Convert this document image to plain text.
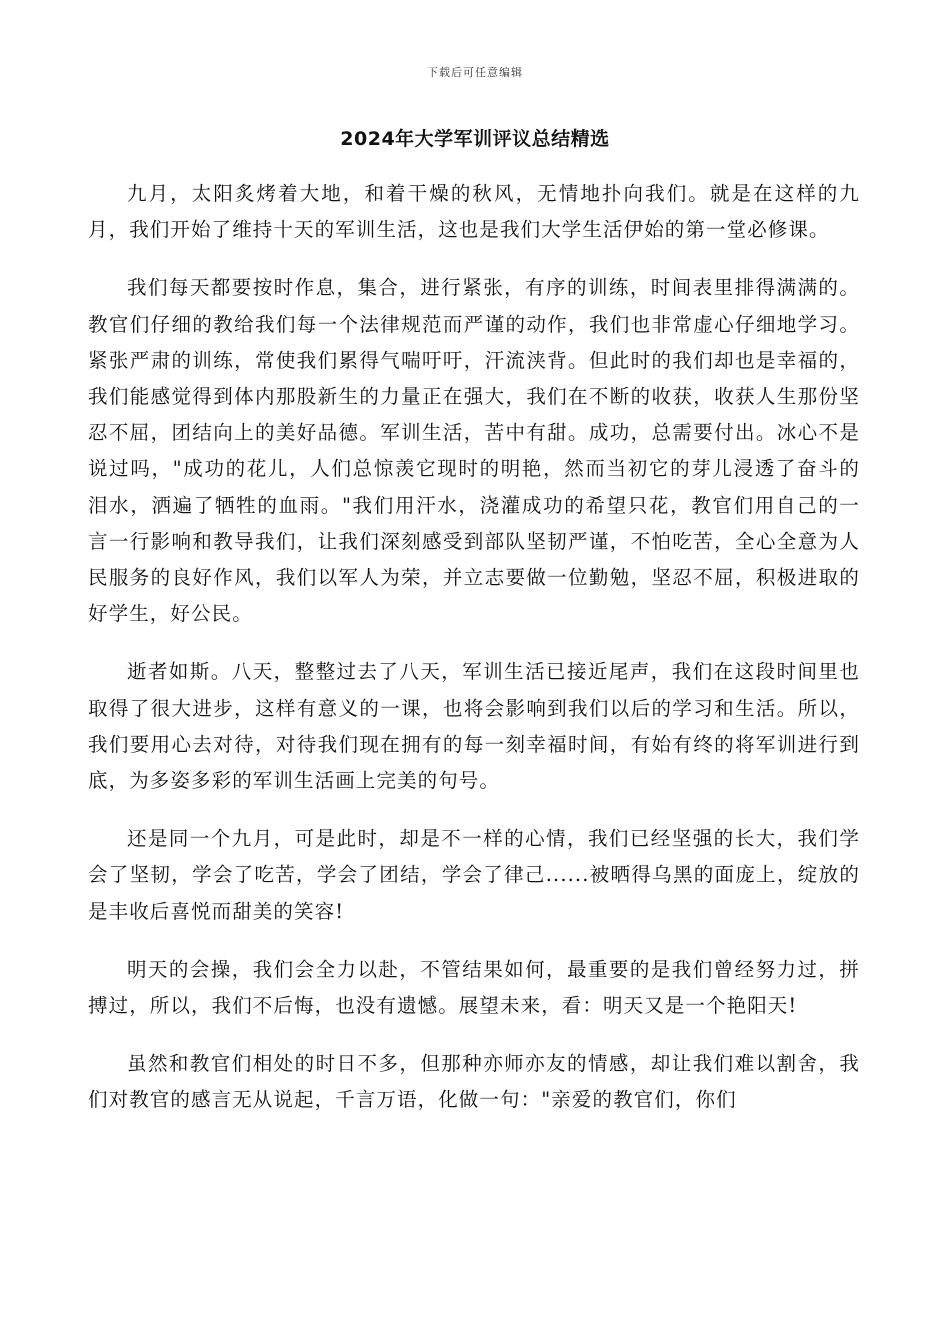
下载后可任意编辑
2024年大学军训评议总结精选

九月，太阳炙烤着大地，和着干燥的秋风，无情地扑向我们。就是在这样的九月，我们开始了维持十天的军训生活，这也是我们大学生活伊始的第一堂必修课。

我们每天都要按时作息，集合，进行紧张，有序的训练，时间表里排得满满的。教官们仔细的教给我们每一个法律规范而严谨的动作，我们也非常虚心仔细地学习。紧张严肃的训练，常使我们累得气喘吁吁，汗流浃背。但此时的我们却也是幸福的，我们能感觉得到体内那股新生的力量正在强大，我们在不断的收获，收获人生那份坚忍不屈，团结向上的美好品德。军训生活，苦中有甜。成功，总需要付出。冰心不是说过吗，"成功的花儿，人们总惊羡它现时的明艳，然而当初它的芽儿浸透了奋斗的泪水，洒遍了牺牲的血雨。"我们用汗水，浇灌成功的希望只花，教官们用自己的一言一行影响和教导我们，让我们深刻感受到部队坚韧严谨，不怕吃苦，全心全意为人民服务的良好作风，我们以军人为荣，并立志要做一位勤勉，坚忍不屈，积极进取的好学生，好公民。

逝者如斯。八天，整整过去了八天，军训生活已接近尾声，我们在这段时间里也取得了很大进步，这样有意义的一课，也将会影响到我们以后的学习和生活。所以，我们要用心去对待，对待我们现在拥有的每一刻幸福时间，有始有终的将军训进行到底，为多姿多彩的军训生活画上完美的句号。

还是同一个九月，可是此时，却是不一样的心情，我们已经坚强的长大，我们学会了坚韧，学会了吃苦，学会了团结，学会了律己......被晒得乌黑的面庞上，绽放的是丰收后喜悦而甜美的笑容!

明天的会操，我们会全力以赴，不管结果如何，最重要的是我们曾经努力过，拼搏过，所以，我们不后悔，也没有遗憾。展望未来，看：明天又是一个艳阳天!

虽然和教官们相处的时日不多，但那种亦师亦友的情感，却让我们难以割舍，我们对教官的感言无从说起，千言万语，化做一句："亲爱的教官们，你们
